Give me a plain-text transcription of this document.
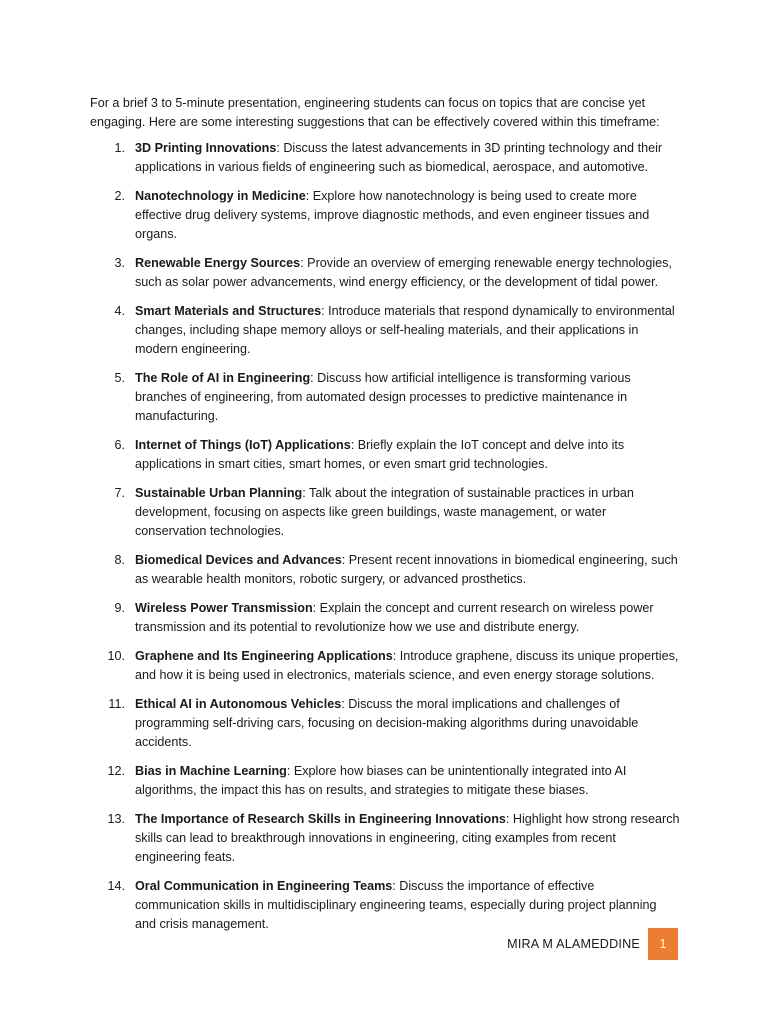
For a brief 3 to 5-minute presentation, engineering students can focus on topics that are concise yet engaging. Here are some interesting suggestions that can be effectively covered within this timeframe:

1. 3D Printing Innovations: Discuss the latest advancements in 3D printing technology and their applications in various fields of engineering such as biomedical, aerospace, and automotive.
2. Nanotechnology in Medicine: Explore how nanotechnology is being used to create more effective drug delivery systems, improve diagnostic methods, and even engineer tissues and organs.
3. Renewable Energy Sources: Provide an overview of emerging renewable energy technologies, such as solar power advancements, wind energy efficiency, or the development of tidal power.
4. Smart Materials and Structures: Introduce materials that respond dynamically to environmental changes, including shape memory alloys or self-healing materials, and their applications in modern engineering.
5. The Role of AI in Engineering: Discuss how artificial intelligence is transforming various branches of engineering, from automated design processes to predictive maintenance in manufacturing.
6. Internet of Things (IoT) Applications: Briefly explain the IoT concept and delve into its applications in smart cities, smart homes, or even smart grid technologies.
7. Sustainable Urban Planning: Talk about the integration of sustainable practices in urban development, focusing on aspects like green buildings, waste management, or water conservation technologies.
8. Biomedical Devices and Advances: Present recent innovations in biomedical engineering, such as wearable health monitors, robotic surgery, or advanced prosthetics.
9. Wireless Power Transmission: Explain the concept and current research on wireless power transmission and its potential to revolutionize how we use and distribute energy.
10. Graphene and Its Engineering Applications: Introduce graphene, discuss its unique properties, and how it is being used in electronics, materials science, and even energy storage solutions.
11. Ethical AI in Autonomous Vehicles: Discuss the moral implications and challenges of programming self-driving cars, focusing on decision-making algorithms during unavoidable accidents.
12. Bias in Machine Learning: Explore how biases can be unintentionally integrated into AI algorithms, the impact this has on results, and strategies to mitigate these biases.
13. The Importance of Research Skills in Engineering Innovations: Highlight how strong research skills can lead to breakthrough innovations in engineering, citing examples from recent engineering feats.
14. Oral Communication in Engineering Teams: Discuss the importance of effective communication skills in multidisciplinary engineering teams, especially during project planning and crisis management.
MIRA M ALAMEDDINE	1
